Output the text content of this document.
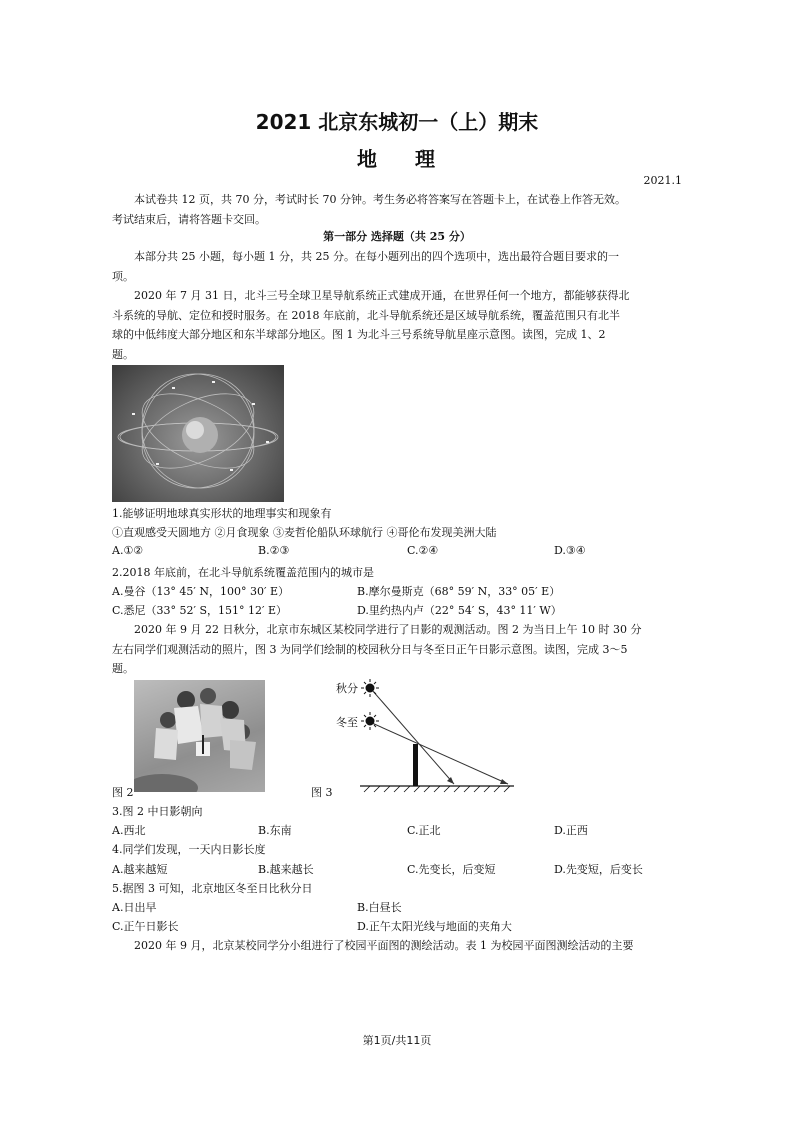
2021 北京东城初一（上）期末
地 理
2021.1
本试卷共 12 页，共 70 分，考试时长 70 分钟。考生务必将答案写在答题卡上，在试卷上作答无效。
考试结束后，请将答题卡交回。
第一部分 选择题（共 25 分）
本部分共 25 小题，每小题 1 分，共 25 分。在每小题列出的四个选项中，选出最符合题目要求的一
项。
2020 年 7 月 31 日，北斗三号全球卫星导航系统正式建成开通，在世界任何一个地方，都能够获得北
斗系统的导航、定位和授时服务。在 2018 年底前，北斗导航系统还是区域导航系统，覆盖范围只有北半
球的中低纬度大部分地区和东半球部分地区。图 1 为北斗三号系统导航星座示意图。读图，完成 1、2
题。
1.能够证明地球真实形状的地理事实和现象有
①直观感受天圆地方 ②月食现象 ③麦哲伦船队环球航行 ④哥伦布发现美洲大陆
A.①②	B.②③	C.②④	D.③④
2.2018 年底前，在北斗导航系统覆盖范围内的城市是
A.曼谷（13° 45′ N，100° 30′ E）	B.摩尔曼斯克（68° 59′ N，33° 05′ E）
C.悉尼（33° 52′ S，151° 12′ E）	D.里约热内卢（22° 54′ S，43° 11′ W）
2020 年 9 月 22 日秋分，北京市东城区某校同学进行了日影的观测活动。图 2 为当日上午 10 时 30 分
左右同学们观测活动的照片，图 3 为同学们绘制的校园秋分日与冬至日正午日影示意图。读图，完成 3～5
题。
图 2	图 3
秋分
冬至
3.图 2 中日影朝向
A.西北	B.东南	C.正北	D.正西
4.同学们发现，一天内日影长度
A.越来越短	B.越来越长	C.先变长，后变短	D.先变短，后变长
5.据图 3 可知，北京地区冬至日比秋分日
A.日出早	B.白昼长
C.正午日影长	D.正午太阳光线与地面的夹角大
2020 年 9 月，北京某校同学分小组进行了校园平面图的测绘活动。表 1 为校园平面图测绘活动的主要
第1页/共11页
